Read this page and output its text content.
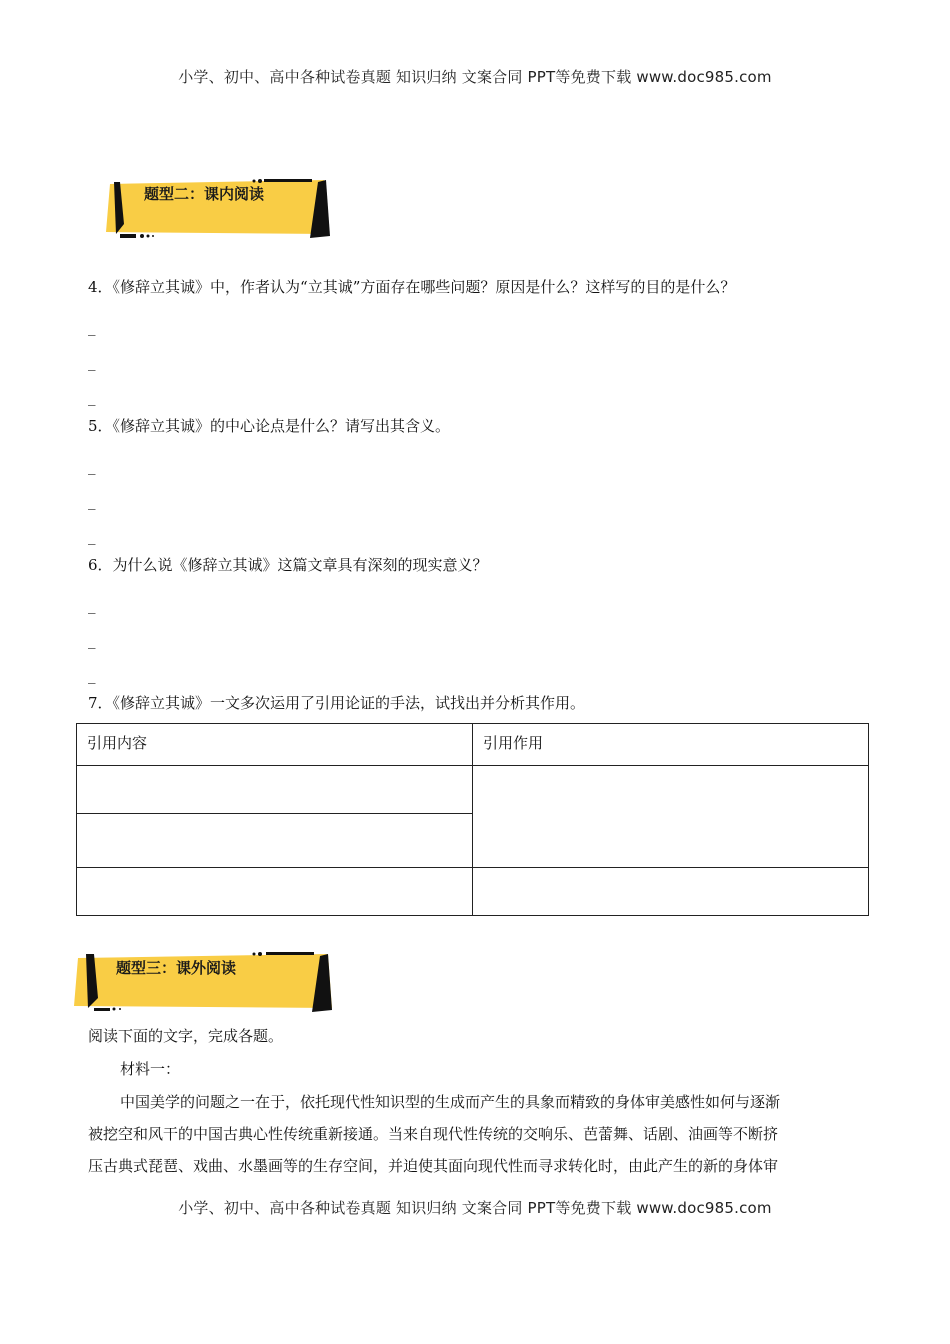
小学、初中、高中各种试卷真题 知识归纳 文案合同 PPT等免费下载 www.doc985.com
题型二：课内阅读
4．《修辞立其诚》中，作者认为“立其诚”方面存在哪些问题？原因是什么？这样写的目的是什么？
_
_
_
5．《修辞立其诚》的中心论点是什么？请写出其含义。
_
_
_
6．为什么说《修辞立其诚》这篇文章具有深刻的现实意义？
_
_
_
7．《修辞立其诚》一文多次运用了引用论证的手法，试找出并分析其作用。
引用内容	引用作用

题型三：课外阅读
阅读下面的文字，完成各题。
材料一：
中国美学的问题之一在于，依托现代性知识型的生成而产生的具象而精致的身体审美感性如何与逐渐
被挖空和风干的中国古典心性传统重新接通。当来自现代性传统的交响乐、芭蕾舞、话剧、油画等不断挤
压古典式琵琶、戏曲、水墨画等的生存空间，并迫使其面向现代性而寻求转化时，由此产生的新的身体审
小学、初中、高中各种试卷真题 知识归纳 文案合同 PPT等免费下载 www.doc985.com
